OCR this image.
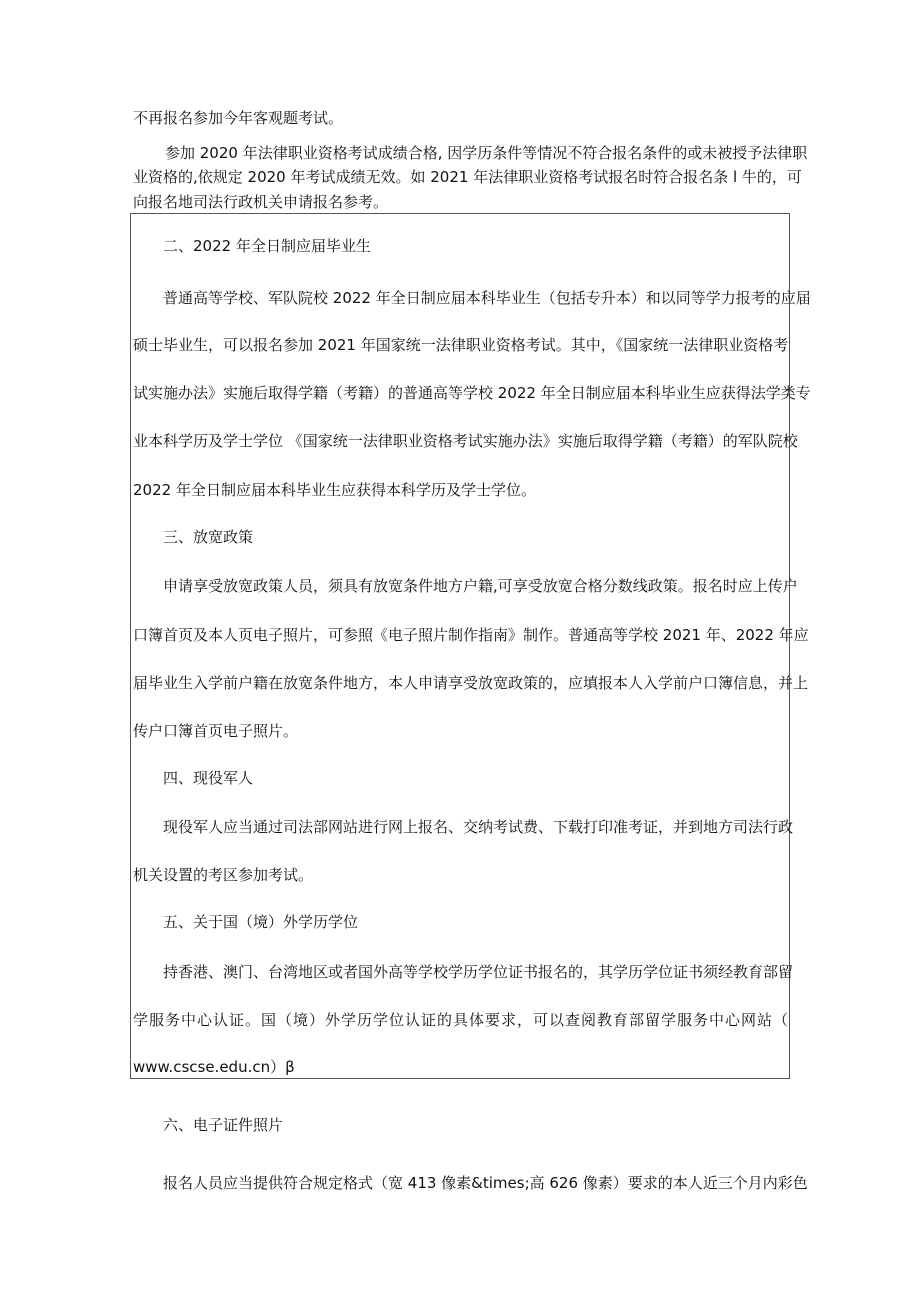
不再报名参加今年客观题考试。

参加 2020 年法律职业资格考试成绩合格, 因学历条件等情况不符合报名条件的或未被授予法律职

业资格的,依规定 2020 年考试成绩无效。如 2021 年法律职业资格考试报名时符合报名条 l 牛的，可

向报名地司法行政机关申请报名参考。

二、2022 年全日制应届毕业生

普通高等学校、军队院校 2022 年全日制应届本科毕业生（包括专升本）和以同等学力报考的应届

硕士毕业生，可以报名参加 2021 年国家统一法律职业资格考试。其中，《国家统一法律职业资格考

试实施办法》实施后取得学籍（考籍）的普通高等学校 2022 年全日制应届本科毕业生应获得法学类专

业本科学历及学士学位 《国家统一法律职业资格考试实施办法》实施后取得学籍（考籍）的军队院校

2022 年全日制应届本科毕业生应获得本科学历及学士学位。

三、放宽政策

申请享受放宽政策人员，须具有放宽条件地方户籍,可享受放宽合格分数线政策。报名时应上传户

口簿首页及本人页电子照片，可参照《电子照片制作指南》制作。普通高等学校 2021 年、2022 年应

届毕业生入学前户籍在放宽条件地方，本人申请享受放宽政策的，应填报本人入学前户口簿信息，并上

传户口簿首页电子照片。

四、现役军人

现役军人应当通过司法部网站进行网上报名、交纳考试费、下载打印准考证，并到地方司法行政

机关设置的考区参加考试。

五、关于国（境）外学历学位

持香港、澳门、台湾地区或者国外高等学校学历学位证书报名的，其学历学位证书须经教育部留

学服务中心认证。国（境）外学历学位认证的具体要求，可以查阅教育部留学服务中心网站（

www.cscse.edu.cn）β

六、电子证件照片

报名人员应当提供符合规定格式（宽 413 像素&times;高 626 像素）要求的本人近三个月内彩色
